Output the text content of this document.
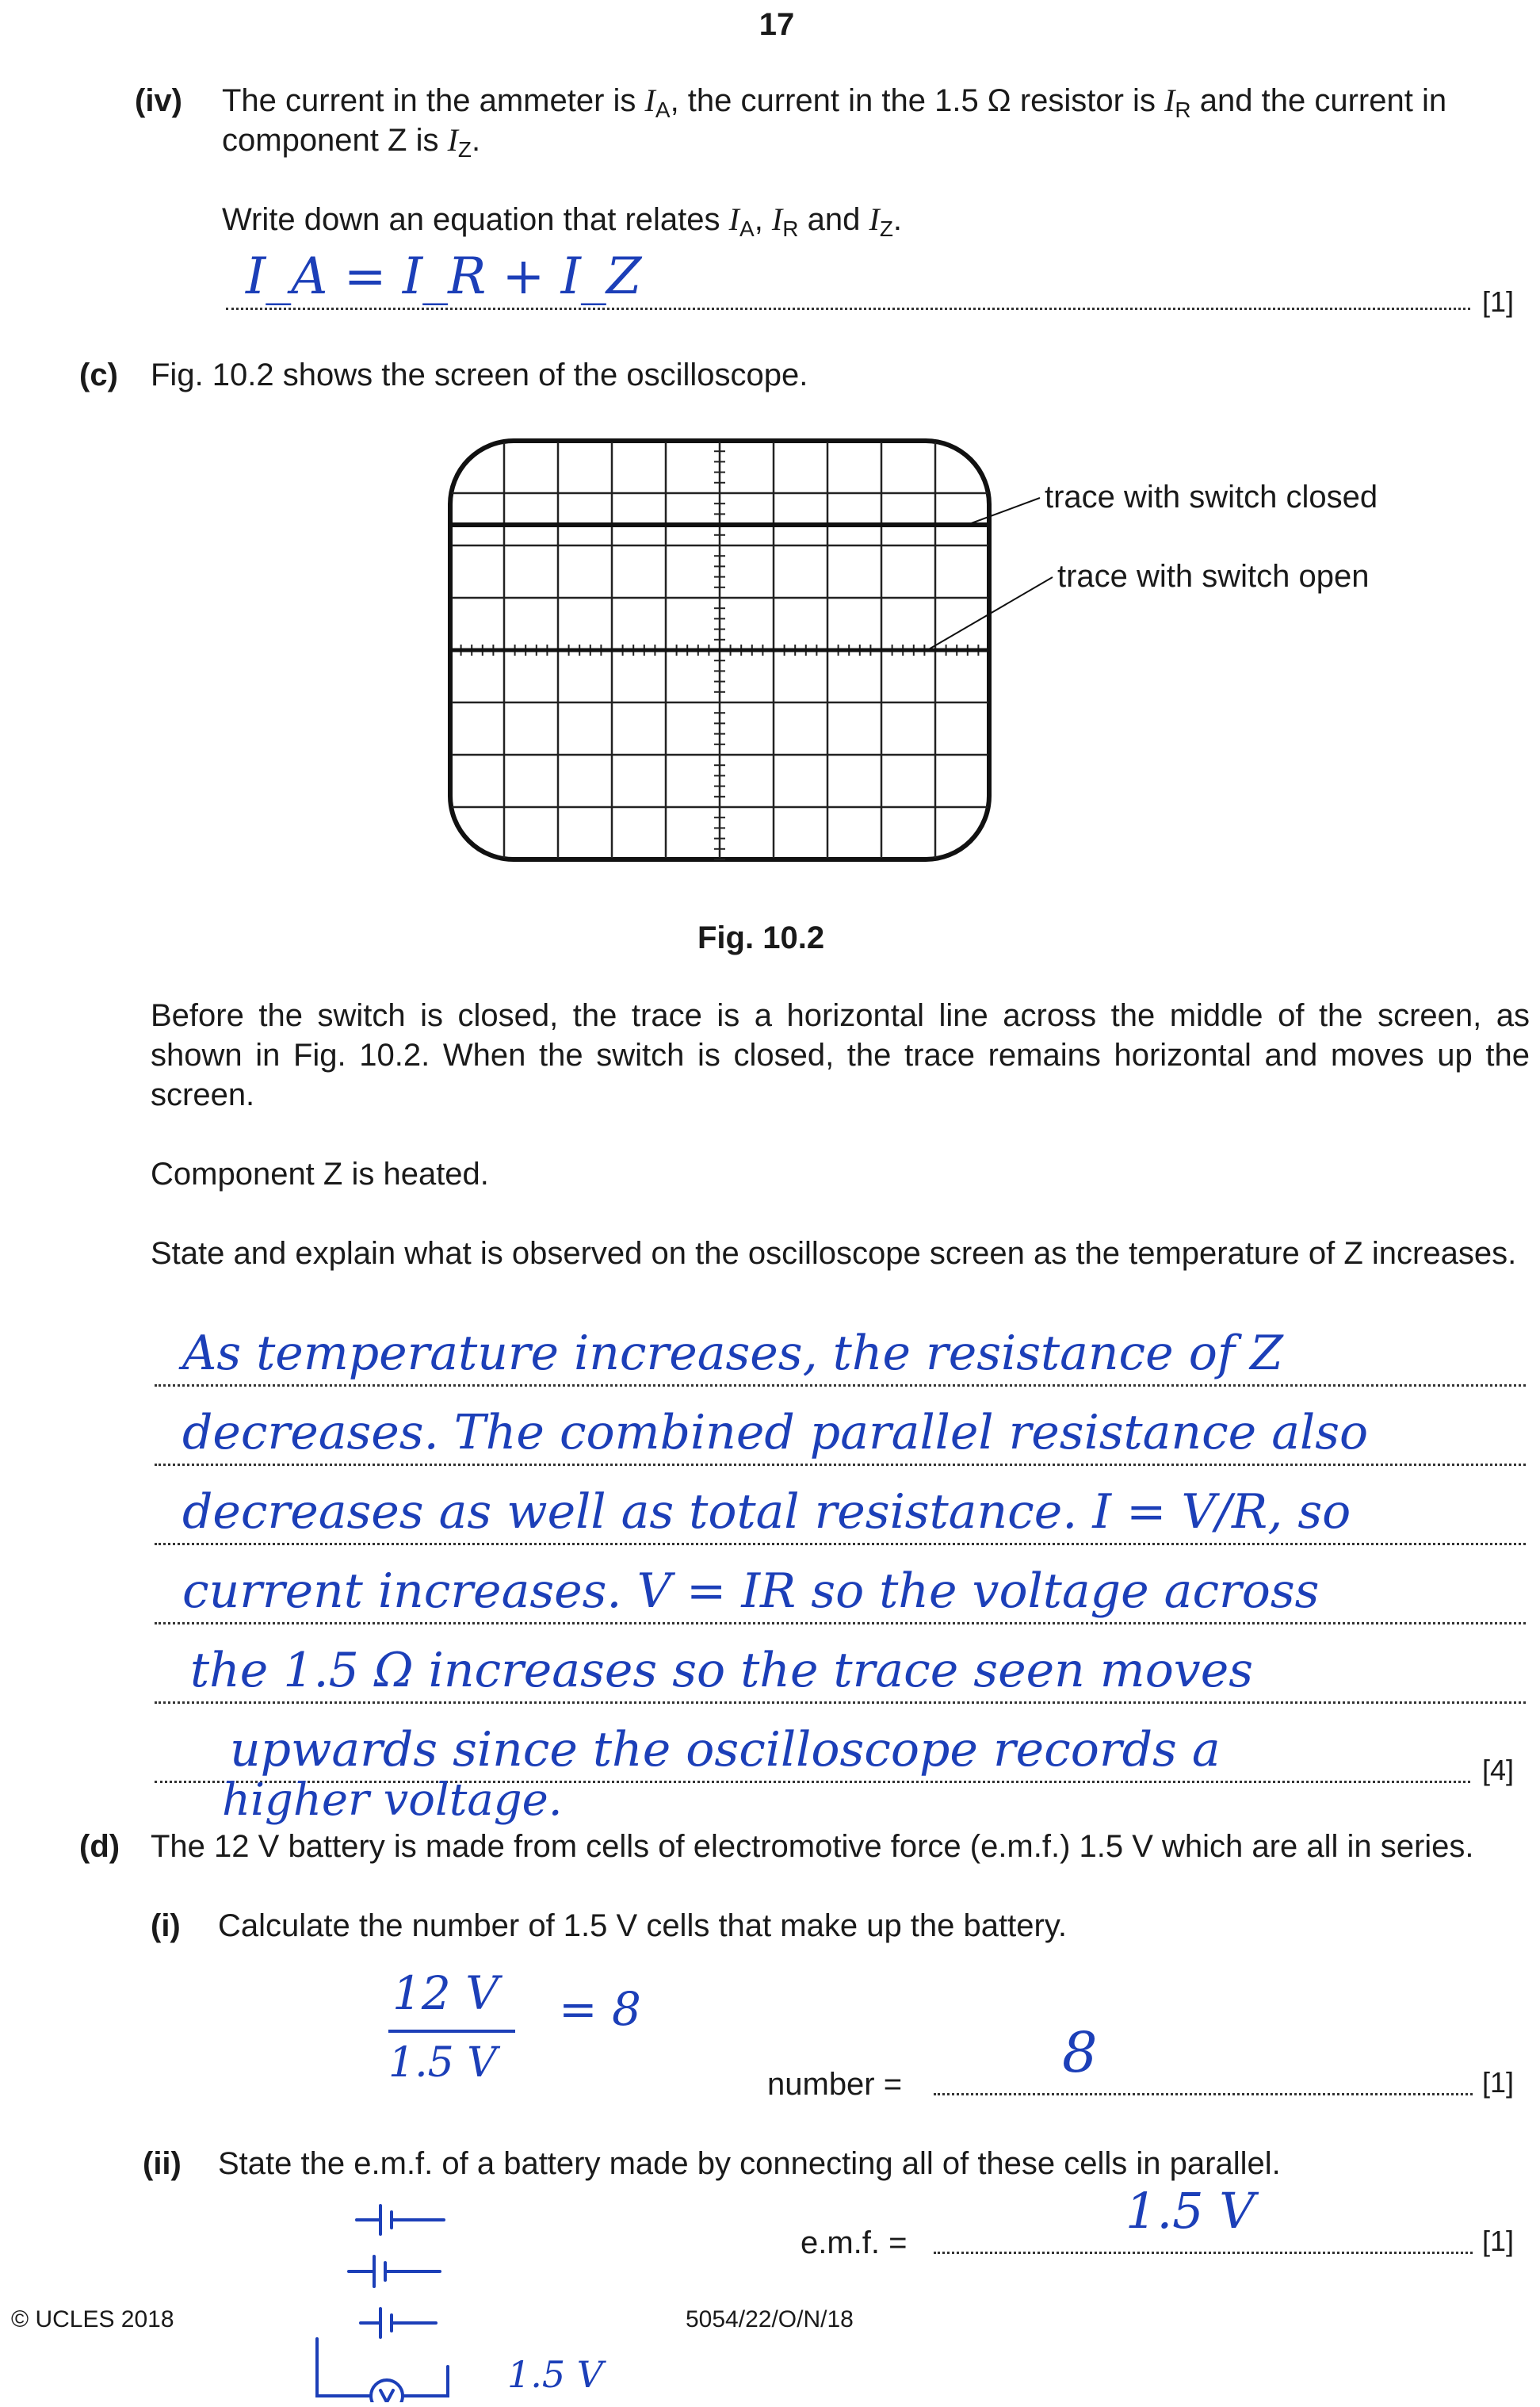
17
(iv) The current in the ammeter is $I_A$, the current in the 1.5 Ω resistor is $I_R$ and the current in
component Z is $I_Z$.
Write down an equation that relates $I_A$, $I_R$ and $I_Z$.
I_A = I_R + I_Z	[1]
(c) Fig. 10.2 shows the screen of the oscilloscope.
trace with switch closed
trace with switch open
Fig. 10.2
Before the switch is closed, the trace is a horizontal line across the middle of the screen, as shown in Fig. 10.2. When the switch is closed, the trace remains horizontal and moves up the screen.
Component Z is heated.
State and explain what is observed on the oscilloscope screen as the temperature of Z increases.
As temperature increases, the resistance of Z
decreases. The combined parallel resistance also
decreases as well as total resistance. I = V/R, so
current increases. V = IR so the voltage across
the 1.5 Ω increases so the trace seen moves
upwards since the oscilloscope records a
higher voltage.
[4]
(d) The 12 V battery is made from cells of electromotive force (e.m.f.) 1.5 V which are all in series.
(i) Calculate the number of 1.5 V cells that make up the battery.
12 V
1.5 V
= 8
number =	8	[1]
(ii) State the e.m.f. of a battery made by connecting all of these cells in parallel.
e.m.f. =
1.5 V
[1]
1.5 V
© UCLES 2018	5054/22/O/N/18
